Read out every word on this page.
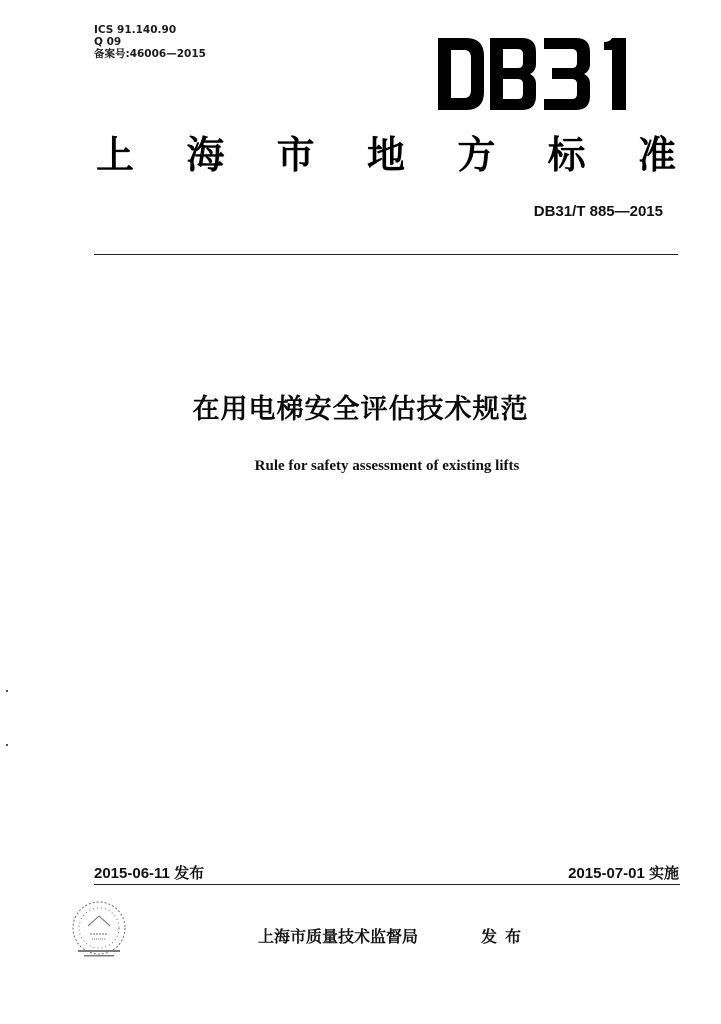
ICS 91.140.90
Q 09
备案号:46006—2015
上 海 市 地 方 标 准
DB31/T 885—2015
在用电梯安全评估技术规范
Rule for safety assessment of existing lifts
2015-06-11 发布	2015-07-01 实施
上海市质量技术监督局	发布
